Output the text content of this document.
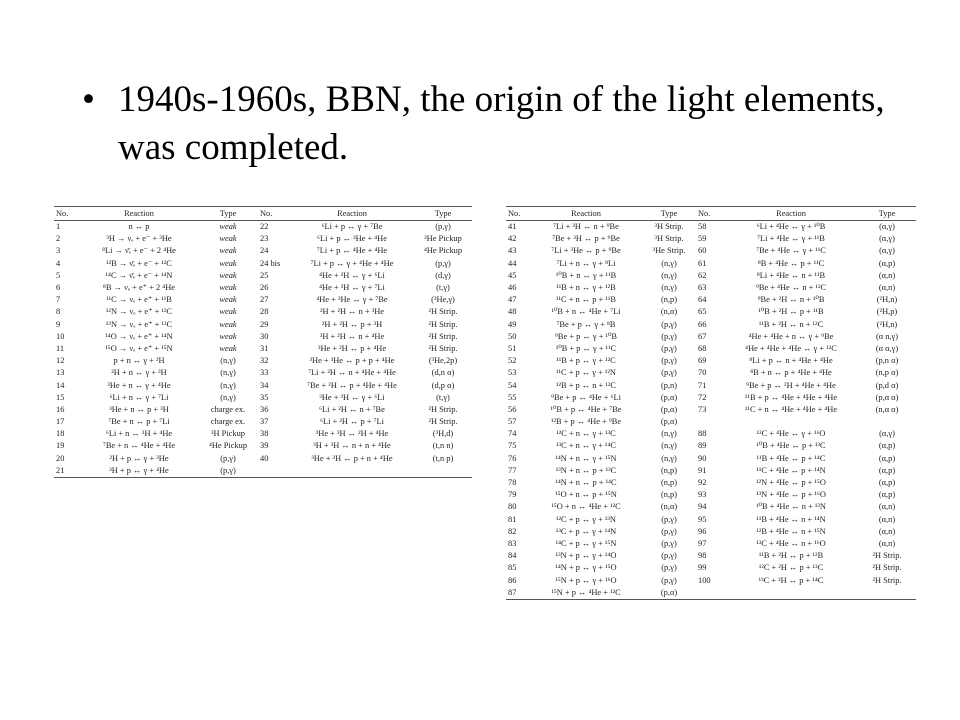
• 1940s-1960s, BBN, the origin of the light elements, was completed.
No.	Reaction	Type	No.	Reaction	Type
1	n ↔ p	weak	22	⁶Li + p ↔ γ + ⁷Be	(p,γ)
2	³H → νₑ + e⁻ + ³He	weak	23	⁶Li + p ↔ ³He + ⁴He	³He Pickup
3	⁸Li → ν̄ₑ + e⁻ + 2 ⁴He	weak	24	⁷Li + p ↔ ⁴He + ⁴He	⁴He Pickup
4	¹²B → ν̄ₑ + e⁻ + ¹²C	weak	24 bis	⁷Li + p ↔ γ + ⁴He + ⁴He	(p,γ)
5	¹⁴C → ν̄ₑ + e⁻ + ¹⁴N	weak	25	⁴He + ²H ↔ γ + ⁶Li	(d,γ)
6	⁸B → νₑ + e⁺ + 2 ⁴He	weak	26	⁴He + ³H ↔ γ + ⁷Li	(t,γ)
7	¹¹C → νₑ + e⁺ + ¹¹B	weak	27	⁴He + ³He ↔ γ + ⁷Be	(³He,γ)
8	¹²N → νₑ + e⁺ + ¹²C	weak	28	²H + ²H ↔ n + ³He	²H Strip.
9	¹³N → νₑ + e⁺ + ¹³C	weak	29	²H + ²H ↔ p + ³H	²H Strip.
10	¹⁴O → νₑ + e⁺ + ¹⁴N	weak	30	³H + ²H ↔ n + ⁴He	²H Strip.
11	¹⁵O → νₑ + e⁺ + ¹⁵N	weak	31	³He + ²H ↔ p + ⁴He	²H Strip.
12	p + n ↔ γ + ²H	(n,γ)	32	³He + ³He ↔ p + p + ⁴He	(³He,2p)
13	²H + n ↔ γ + ³H	(n,γ)	33	⁷Li + ²H ↔ n + ⁴He + ⁴He	(d,n α)
14	³He + n ↔ γ + ⁴He	(n,γ)	34	⁷Be + ²H ↔ p + ⁴He + ⁴He	(d,p α)
15	⁶Li + n ↔ γ + ⁷Li	(n,γ)	35	³He + ³H ↔ γ + ⁶Li	(t,γ)
16	³He + n ↔ p + ³H	charge ex.	36	⁶Li + ²H ↔ n + ⁷Be	²H Strip.
17	⁷Be + n ↔ p + ⁷Li	charge ex.	37	⁶Li + ²H ↔ p + ⁷Li	²H Strip.
18	⁶Li + n ↔ ³H + ⁴He	³H Pickup	38	³He + ³H ↔ ²H + ⁴He	(³H,d)
19	⁷Be + n ↔ ⁴He + ⁴He	⁴He Pickup	39	³H + ³H ↔ n + n + ⁴He	(t,n n)
20	²H + p ↔ γ + ³He	(p,γ)	40	³He + ³H ↔ p + n + ⁴He	(t,n p)
21	³H + p ↔ γ + ⁴He	(p,γ)			
No.	Reaction	Type	No.	Reaction	Type
41	⁷Li + ³H ↔ n + ⁹Be	³H Strip.	58	⁶Li + ⁴He ↔ γ + ¹⁰B	(α,γ)
42	⁷Be + ³H ↔ p + ⁹Be	³H Strip.	59	⁷Li + ⁴He ↔ γ + ¹¹B	(α,γ)
43	⁷Li + ³He ↔ p + ⁹Be	³He Strip.	60	⁷Be + ⁴He ↔ γ + ¹¹C	(α,γ)
44	⁷Li + n ↔ γ + ⁸Li	(n,γ)	61	⁸B + ⁴He ↔ p + ¹¹C	(α,p)
45	¹⁰B + n ↔ γ + ¹¹B	(n,γ)	62	⁸Li + ⁴He ↔ n + ¹¹B	(α,n)
46	¹¹B + n ↔ γ + ¹²B	(n,γ)	63	⁹Be + ⁴He ↔ n + ¹²C	(α,n)
47	¹¹C + n ↔ p + ¹¹B	(n,p)	64	⁹Be + ²H ↔ n + ¹⁰B	(²H,n)
48	¹⁰B + n ↔ ⁴He + ⁷Li	(n,α)	65	¹⁰B + ²H ↔ p + ¹¹B	(²H,p)
49	⁷Be + p ↔ γ + ⁸B	(p,γ)	66	¹¹B + ²H ↔ n + ¹²C	(²H,n)
50	⁹Be + p ↔ γ + ¹⁰B	(p,γ)	67	⁴He + ⁴He + n ↔ γ + ⁹Be	(α n,γ)
51	¹⁰B + p ↔ γ + ¹¹C	(p,γ)	68	⁴He + ⁴He + ⁴He ↔ γ + ¹²C	(α α,γ)
52	¹¹B + p ↔ γ + ¹²C	(p,γ)	69	⁸Li + p ↔ n + ⁴He + ⁴He	(p,n α)
53	¹¹C + p ↔ γ + ¹²N	(p,γ)	70	⁸B + n ↔ p + ⁴He + ⁴He	(n,p α)
54	¹²B + p ↔ n + ¹²C	(p,n)	71	⁹Be + p ↔ ²H + ⁴He + ⁴He	(p,d α)
55	⁹Be + p ↔ ⁴He + ⁶Li	(p,α)	72	¹¹B + p ↔ ⁴He + ⁴He + ⁴He	(p,α α)
56	¹⁰B + p ↔ ⁴He + ⁷Be	(p,α)	73	¹¹C + n ↔ ⁴He + ⁴He + ⁴He	(n,α α)
57	¹²B + p ↔ ⁴He + ⁹Be	(p,α)			
74	¹²C + n ↔ γ + ¹³C	(n,γ)	88	¹²C + ⁴He ↔ γ + ¹⁶O	(α,γ)
75	¹³C + n ↔ γ + ¹⁴C	(n,γ)	89	¹⁰B + ⁴He ↔ p + ¹³C	(α,p)
76	¹⁴N + n ↔ γ + ¹⁵N	(n,γ)	90	¹¹B + ⁴He ↔ p + ¹⁴C	(α,p)
77	¹³N + n ↔ p + ¹³C	(n,p)	91	¹¹C + ⁴He ↔ p + ¹⁴N	(α,p)
78	¹⁴N + n ↔ p + ¹⁴C	(n,p)	92	¹²N + ⁴He ↔ p + ¹⁵O	(α,p)
79	¹⁵O + n ↔ p + ¹⁵N	(n,p)	93	¹³N + ⁴He ↔ p + ¹⁶O	(α,p)
80	¹⁵O + n ↔ ⁴He + ¹²C	(n,α)	94	¹⁰B + ⁴He ↔ n + ¹³N	(α,n)
81	¹²C + p ↔ γ + ¹³N	(p,γ)	95	¹¹B + ⁴He ↔ n + ¹⁴N	(α,n)
82	¹³C + p ↔ γ + ¹⁴N	(p,γ)	96	¹²B + ⁴He ↔ n + ¹⁵N	(α,n)
83	¹⁴C + p ↔ γ + ¹⁵N	(p,γ)	97	¹³C + ⁴He ↔ n + ¹⁶O	(α,n)
84	¹³N + p ↔ γ + ¹⁴O	(p,γ)	98	¹¹B + ²H ↔ p + ¹²B	²H Strip.
85	¹⁴N + p ↔ γ + ¹⁵O	(p,γ)	99	¹²C + ²H ↔ p + ¹³C	²H Strip.
86	¹⁵N + p ↔ γ + ¹⁶O	(p,γ)	100	¹³C + ²H ↔ p + ¹⁴C	²H Strip.
87	¹⁵N + p ↔ ⁴He + ¹²C	(p,α)			
